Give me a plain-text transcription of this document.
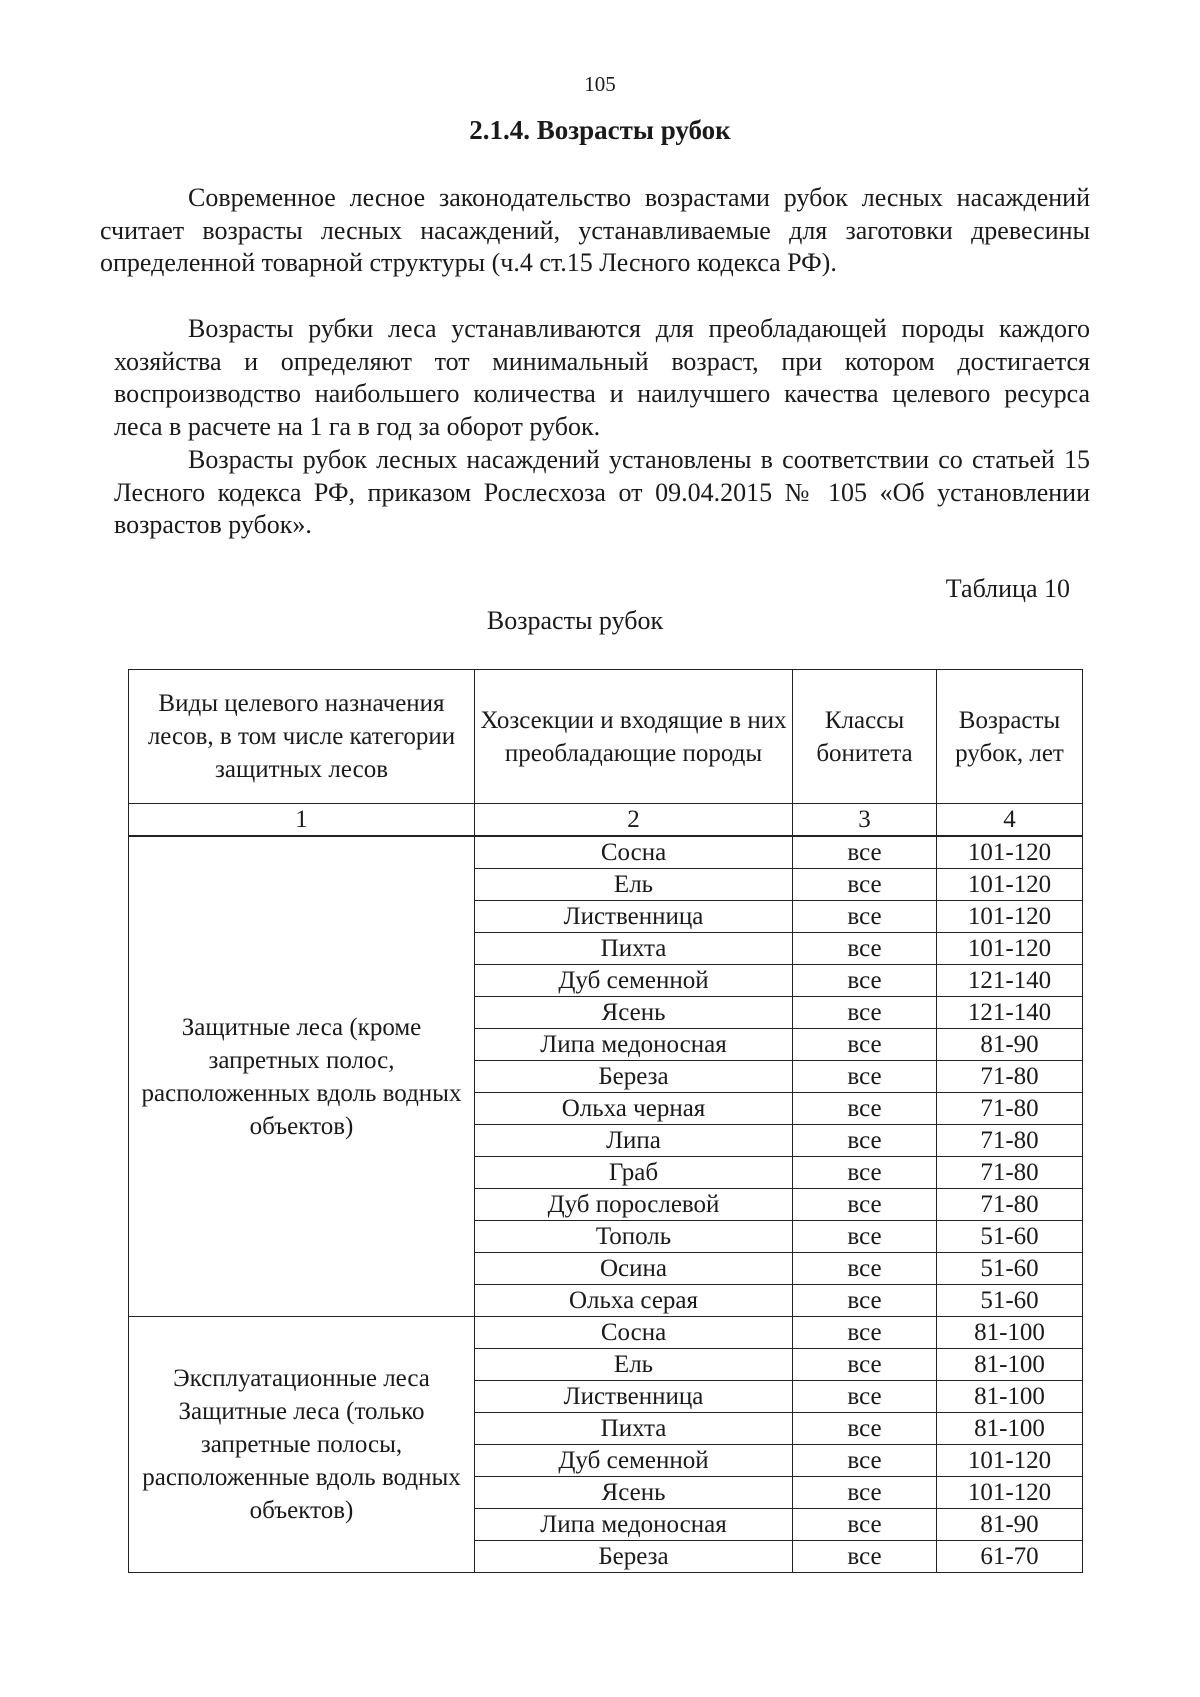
105
2.1.4. Возрасты рубок

Современное лесное законодательство возрастами рубок лесных насаждений считает возрасты лесных насаждений, устанавливаемые для заготовки древесины определенной товарной структуры (ч.4 ст.15 Лесного кодекса РФ).

Возрасты рубки леса устанавливаются для преобладающей породы каждого хозяйства и определяют тот минимальный возраст, при котором достигается воспроизводство наибольшего количества и наилучшего качества целевого ресурса леса в расчете на 1 га в год за оборот рубок.

Возрасты рубок лесных насаждений установлены в соответствии со статьей 15 Лесного кодекса РФ, приказом Рослесхоза от 09.04.2015 № 105 «Об установлении возрастов рубок».

Таблица 10
Возрасты рубок
Виды целевого назначения лесов, в том числе категории защитных лесов	Хозсекции и входящие в них преобладающие породы	Классы бонитета	Возрасты рубок, лет
1	2	3	4
Защитные леса (кроме запретных полос, расположенных вдоль водных объектов)	Сосна	все	101-120
	Ель	все	101-120
	Лиственница	все	101-120
	Пихта	все	101-120
	Дуб семенной	все	121-140
	Ясень	все	121-140
	Липа медоносная	все	81-90
	Береза	все	71-80
	Ольха черная	все	71-80
	Липа	все	71-80
	Граб	все	71-80
	Дуб порослевой	все	71-80
	Тополь	все	51-60
	Осина	все	51-60
	Ольха серая	все	51-60
Эксплуатационные леса Защитные леса (только запретные полосы, расположенные вдоль водных объектов)	Сосна	все	81-100
	Ель	все	81-100
	Лиственница	все	81-100
	Пихта	все	81-100
	Дуб семенной	все	101-120
	Ясень	все	101-120
	Липа медоносная	все	81-90
	Береза	все	61-70
